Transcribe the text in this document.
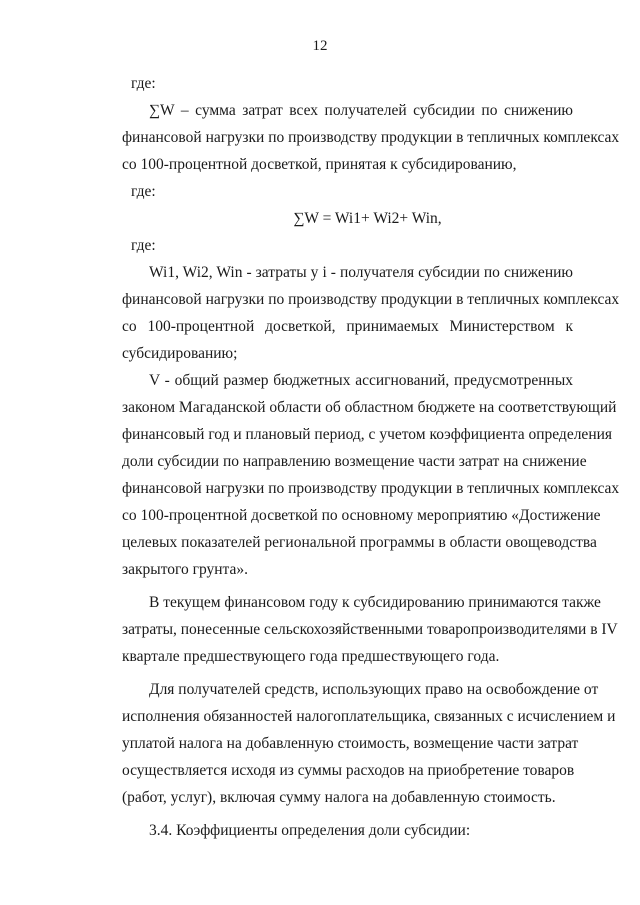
12
где:
∑W – сумма затрат всех получателей субсидии по снижению
финансовой нагрузки по производству продукции в тепличных комплексах
со 100-процентной досветкой, принятая к субсидированию,
где:
∑W = Wi1+ Wi2+ Win,
где:
Wi1, Wi2, Win - затраты у i - получателя субсидии по снижению
финансовой нагрузки по производству продукции в тепличных комплексах
со 100-процентной досветкой, принимаемых Министерством к
субсидированию;
V - общий размер бюджетных ассигнований, предусмотренных
законом Магаданской области об областном бюджете на соответствующий
финансовый год и плановый период, с учетом коэффициента определения
доли субсидии по направлению возмещение части затрат на снижение
финансовой нагрузки по производству продукции в тепличных комплексах
со 100-процентной досветкой по основному мероприятию «Достижение
целевых показателей региональной программы в области овощеводства
закрытого грунта».
В текущем финансовом году к субсидированию принимаются также
затраты, понесенные сельскохозяйственными товаропроизводителями в IV
квартале предшествующего года предшествующего года.
Для получателей средств, использующих право на освобождение от
исполнения обязанностей налогоплательщика, связанных с исчислением и
уплатой налога на добавленную стоимость, возмещение части затрат
осуществляется исходя из суммы расходов на приобретение товаров
(работ, услуг), включая сумму налога на добавленную стоимость.
3.4. Коэффициенты определения доли субсидии:
